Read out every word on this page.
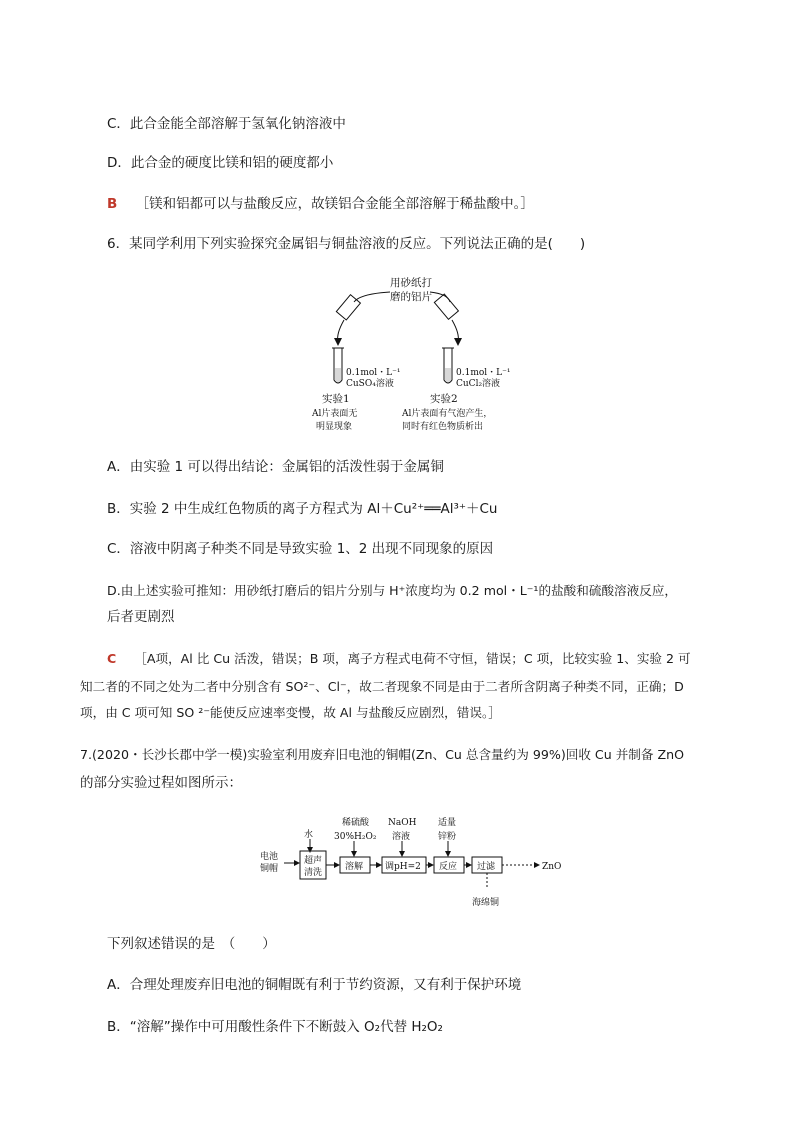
C．此合金能全部溶解于氢氧化钠溶液中
D．此合金的硬度比镁和铝的硬度都小
B ［镁和铝都可以与盐酸反应，故镁铝合金能全部溶解于稀盐酸中。］
6．某同学利用下列实验探究金属铝与铜盐溶液的反应。下列说法正确的是(　　)
用砂纸打
磨的铝片
0.1mol・L⁻¹
CuSO₄溶液
0.1mol・L⁻¹
CuCl₂溶液
实验1	实验2
Al片表面无
明显现象
Al片表面有气泡产生，
同时有红色物质析出
A．由实验 1 可以得出结论：金属铝的活泼性弱于金属铜
B．实验 2 中生成红色物质的离子方程式为 Al＋Cu²⁺══Al³⁺＋Cu
C．溶液中阴离子种类不同是导致实验 1、2 出现不同现象的原因
D.由上述实验可推知：用砂纸打磨后的铝片分别与 H⁺浓度均为 0.2 mol・L⁻¹的盐酸和硫酸溶液反应，
后者更剧烈
C ［A项，Al 比 Cu 活泼，错误；B 项，离子方程式电荷不守恒，错误；C 项，比较实验 1、实验 2 可
知二者的不同之处为二者中分别含有 SO²⁻、Cl⁻，故二者现象不同是由于二者所含阴离子种类不同，正确；D
项，由 C 项可知 SO ²⁻能使反应速率变慢，故 Al 与盐酸反应剧烈，错误。］
7.(2020・长沙长郡中学一模)实验室利用废弃旧电池的铜帽(Zn、Cu 总含量约为 99%)回收 Cu 并制备 ZnO
的部分实验过程如图所示：
电池
铜帽
水
超声
清洗
稀硫酸
30%H₂O₂
溶解
NaOH
溶液
调pH=2
适量
锌粉
反应 过滤	ZnO
海绵铜
下列叙述错误的是　（　　）
A．合理处理废弃旧电池的铜帽既有利于节约资源，又有利于保护环境
B．“溶解”操作中可用酸性条件下不断鼓入 O₂代替 H₂O₂
